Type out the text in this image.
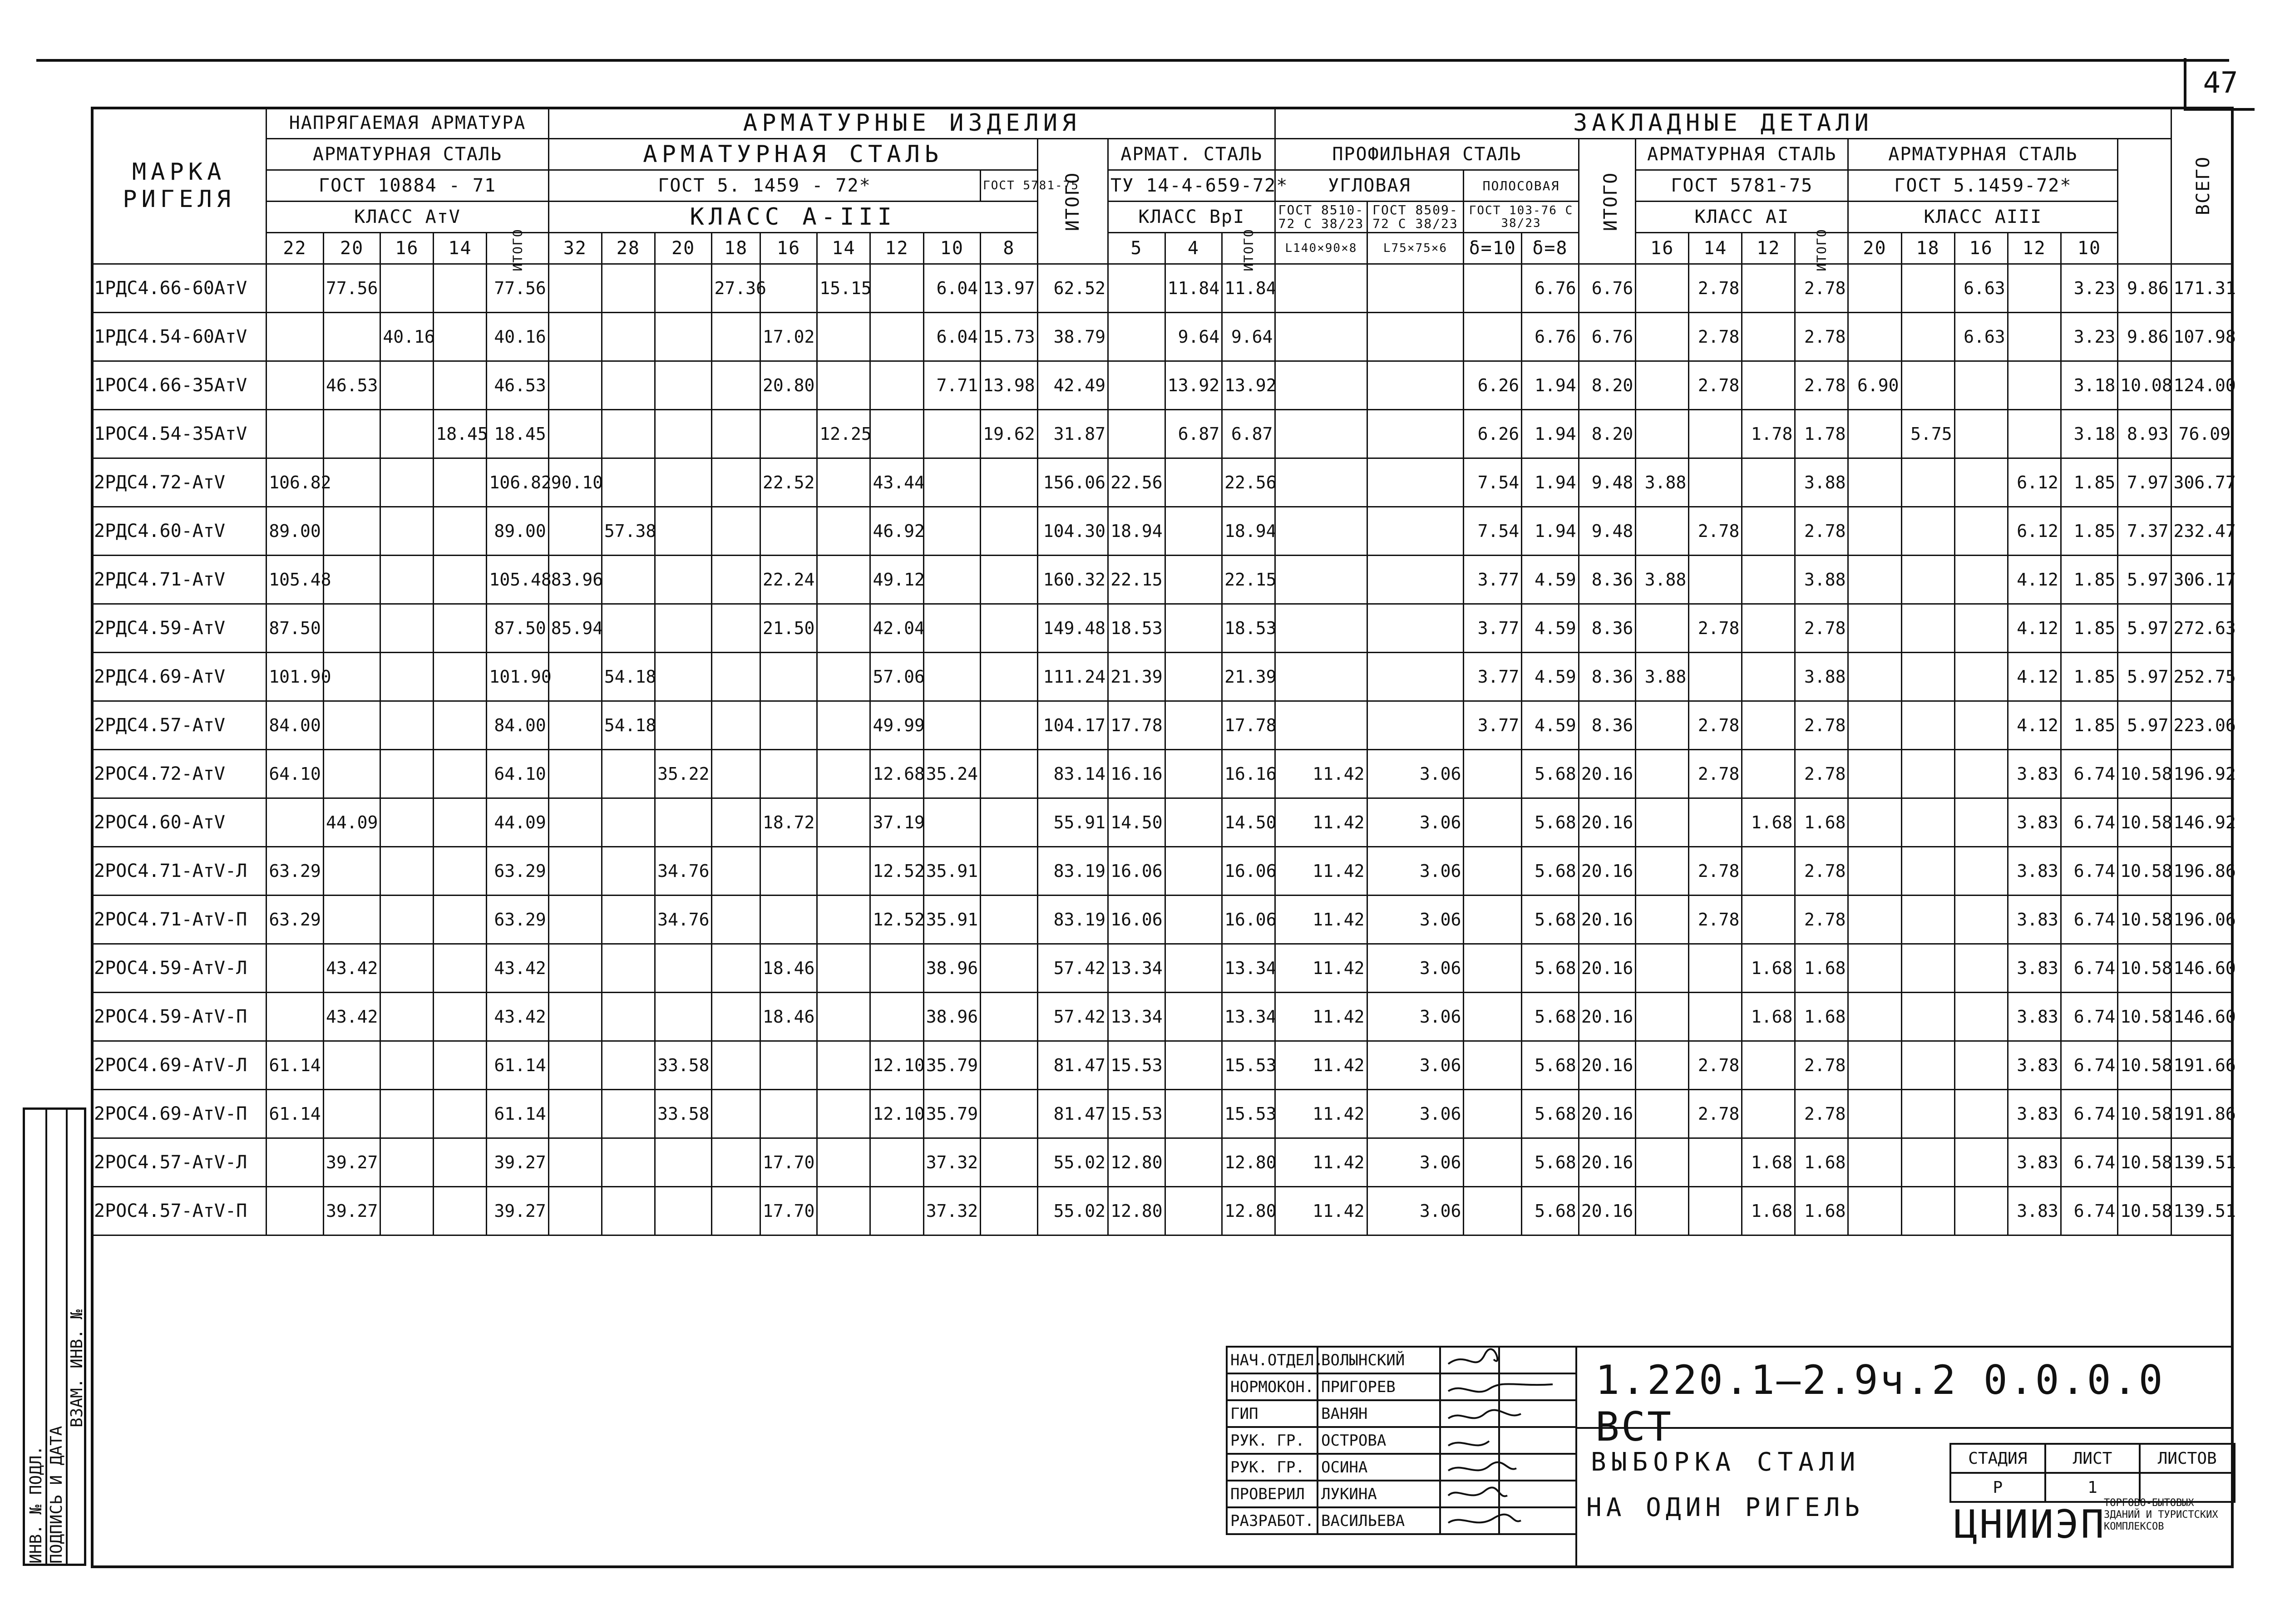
47
ИНВ. № ПОДЛ. ПОДПИСЬ И ДАТА
ВЗАМ. ИНВ. №
МАРКА РИГЕЛЯ	НАПРЯГАЕМАЯ АРМАТУРА					АРМАТУРНЫЕ ИЗДЕЛИЯ													ЗАКЛАДНЫЕ ДЕТАЛИ															ВСЕГО
	АРМАТУРНАЯ СТАЛЬ					АРМАТУРНАЯ СТАЛЬ									ИТОГО	АРМАТ. СТАЛЬ			ПРОФИЛЬНАЯ СТАЛЬ				ИТОГО	АРМАТУРНАЯ СТАЛЬ				АРМАТУРНАЯ СТАЛЬ						
	ГОСТ 10884 - 71					ГОСТ 5. 1459 - 72*								ГОСТ 5781-75		ТУ 14-4-659-72*			УГЛОВАЯ		ПОЛОСОВАЯ			ГОСТ 5781-75				ГОСТ 5.1459-72*						
	КЛАСС АтV					КЛАСС А-III										КЛАСС ВрI			ГОСТ 8510-72 С 38/23	ГОСТ 8509-72 С 38/23	ГОСТ 103-76 С 38/23			КЛАСС АI				КЛАСС АIII						
	22	20	16	14	ИТОГО	32	28	20	18	16	14	12	10	8		5	4	ИТОГО	L140×90×8	L75×75×6	δ=10	δ=8		16	14	12	ИТОГО	20	18	16	12	10		
1РДС4.66-60АтV		77.56			77.56				27.36		15.15		6.04	13.97	62.52		11.84	11.84				6.76	6.76		2.78		2.78			6.63		3.23	9.86	171.31
1РДС4.54-60АтV			40.16		40.16					17.02			6.04	15.73	38.79		9.64	9.64				6.76	6.76		2.78		2.78			6.63		3.23	9.86	107.98
1РОС4.66-35АтV		46.53			46.53					20.80			7.71	13.98	42.49		13.92	13.92			6.26	1.94	8.20		2.78		2.78	6.90				3.18	10.08	124.00
1РОС4.54-35АтV				18.45	18.45						12.25			19.62	31.87		6.87	6.87			6.26	1.94	8.20			1.78	1.78		5.75			3.18	8.93	76.09
2РДС4.72-АтV	106.82				106.82	90.10				22.52		43.44			156.06	22.56		22.56			7.54	1.94	9.48	3.88			3.88				6.12	1.85	7.97	306.77
2РДС4.60-АтV	89.00				89.00		57.38					46.92			104.30	18.94		18.94			7.54	1.94	9.48		2.78		2.78				6.12	1.85	7.37	232.47
2РДС4.71-АтV	105.48				105.48	83.96				22.24		49.12			160.32	22.15		22.15			3.77	4.59	8.36	3.88			3.88				4.12	1.85	5.97	306.17
2РДС4.59-АтV	87.50				87.50	85.94				21.50		42.04			149.48	18.53		18.53			3.77	4.59	8.36		2.78		2.78				4.12	1.85	5.97	272.63
2РДС4.69-АтV	101.90				101.90		54.18					57.06			111.24	21.39		21.39			3.77	4.59	8.36	3.88			3.88				4.12	1.85	5.97	252.75
2РДС4.57-АтV	84.00				84.00		54.18					49.99			104.17	17.78		17.78			3.77	4.59	8.36		2.78		2.78				4.12	1.85	5.97	223.06
2РОС4.72-АтV	64.10				64.10			35.22				12.68	35.24		83.14	16.16		16.16	11.42	3.06		5.68	20.16		2.78		2.78				3.83	6.74	10.58	196.92
2РОС4.60-АтV		44.09			44.09					18.72		37.19			55.91	14.50		14.50	11.42	3.06		5.68	20.16			1.68	1.68				3.83	6.74	10.58	146.92
2РОС4.71-АтV-Л	63.29				63.29			34.76				12.52	35.91		83.19	16.06		16.06	11.42	3.06		5.68	20.16		2.78		2.78				3.83	6.74	10.58	196.86
2РОС4.71-АтV-П	63.29				63.29			34.76				12.52	35.91		83.19	16.06		16.06	11.42	3.06		5.68	20.16		2.78		2.78				3.83	6.74	10.58	196.06
2РОС4.59-АтV-Л		43.42			43.42					18.46			38.96		57.42	13.34		13.34	11.42	3.06		5.68	20.16			1.68	1.68				3.83	6.74	10.58	146.60
2РОС4.59-АтV-П		43.42			43.42					18.46			38.96		57.42	13.34		13.34	11.42	3.06		5.68	20.16			1.68	1.68				3.83	6.74	10.58	146.60
2РОС4.69-АтV-Л	61.14				61.14			33.58				12.10	35.79		81.47	15.53		15.53	11.42	3.06		5.68	20.16		2.78		2.78				3.83	6.74	10.58	191.66
2РОС4.69-АтV-П	61.14				61.14			33.58				12.10	35.79		81.47	15.53		15.53	11.42	3.06		5.68	20.16		2.78		2.78				3.83	6.74	10.58	191.86
2РОС4.57-АтV-Л		39.27			39.27					17.70			37.32		55.02	12.80		12.80	11.42	3.06		5.68	20.16			1.68	1.68				3.83	6.74	10.58	139.51
2РОС4.57-АтV-П		39.27			39.27					17.70			37.32		55.02	12.80		12.80	11.42	3.06		5.68	20.16			1.68	1.68				3.83	6.74	10.58	139.51
НАЧ.ОТДЕЛ.	ВОЛЫНСКИЙ		
НОРМОКОН.	ПРИГОРЕВ		
ГИП	ВАНЯН		
РУК. ГР.	ОСТРОВА		
РУК. ГР.	ОСИНА		
ПРОВЕРИЛ	ЛУКИНА		
РАЗРАБОТ.	ВАСИЛЬЕВА		
1.220.1—2.9ч.2 0.0.0.0 ВСТ
ВЫБОРКА СТАЛИ
НА ОДИН РИГЕЛЬ
СТАДИЯ	ЛИСТ	ЛИСТОВ
Р	1	
ЦНИИЭП
ТОРГОВО-БЫТОВЫХ ЗДАНИЙ И ТУРИСТСКИХ КОМПЛЕКСОВ
